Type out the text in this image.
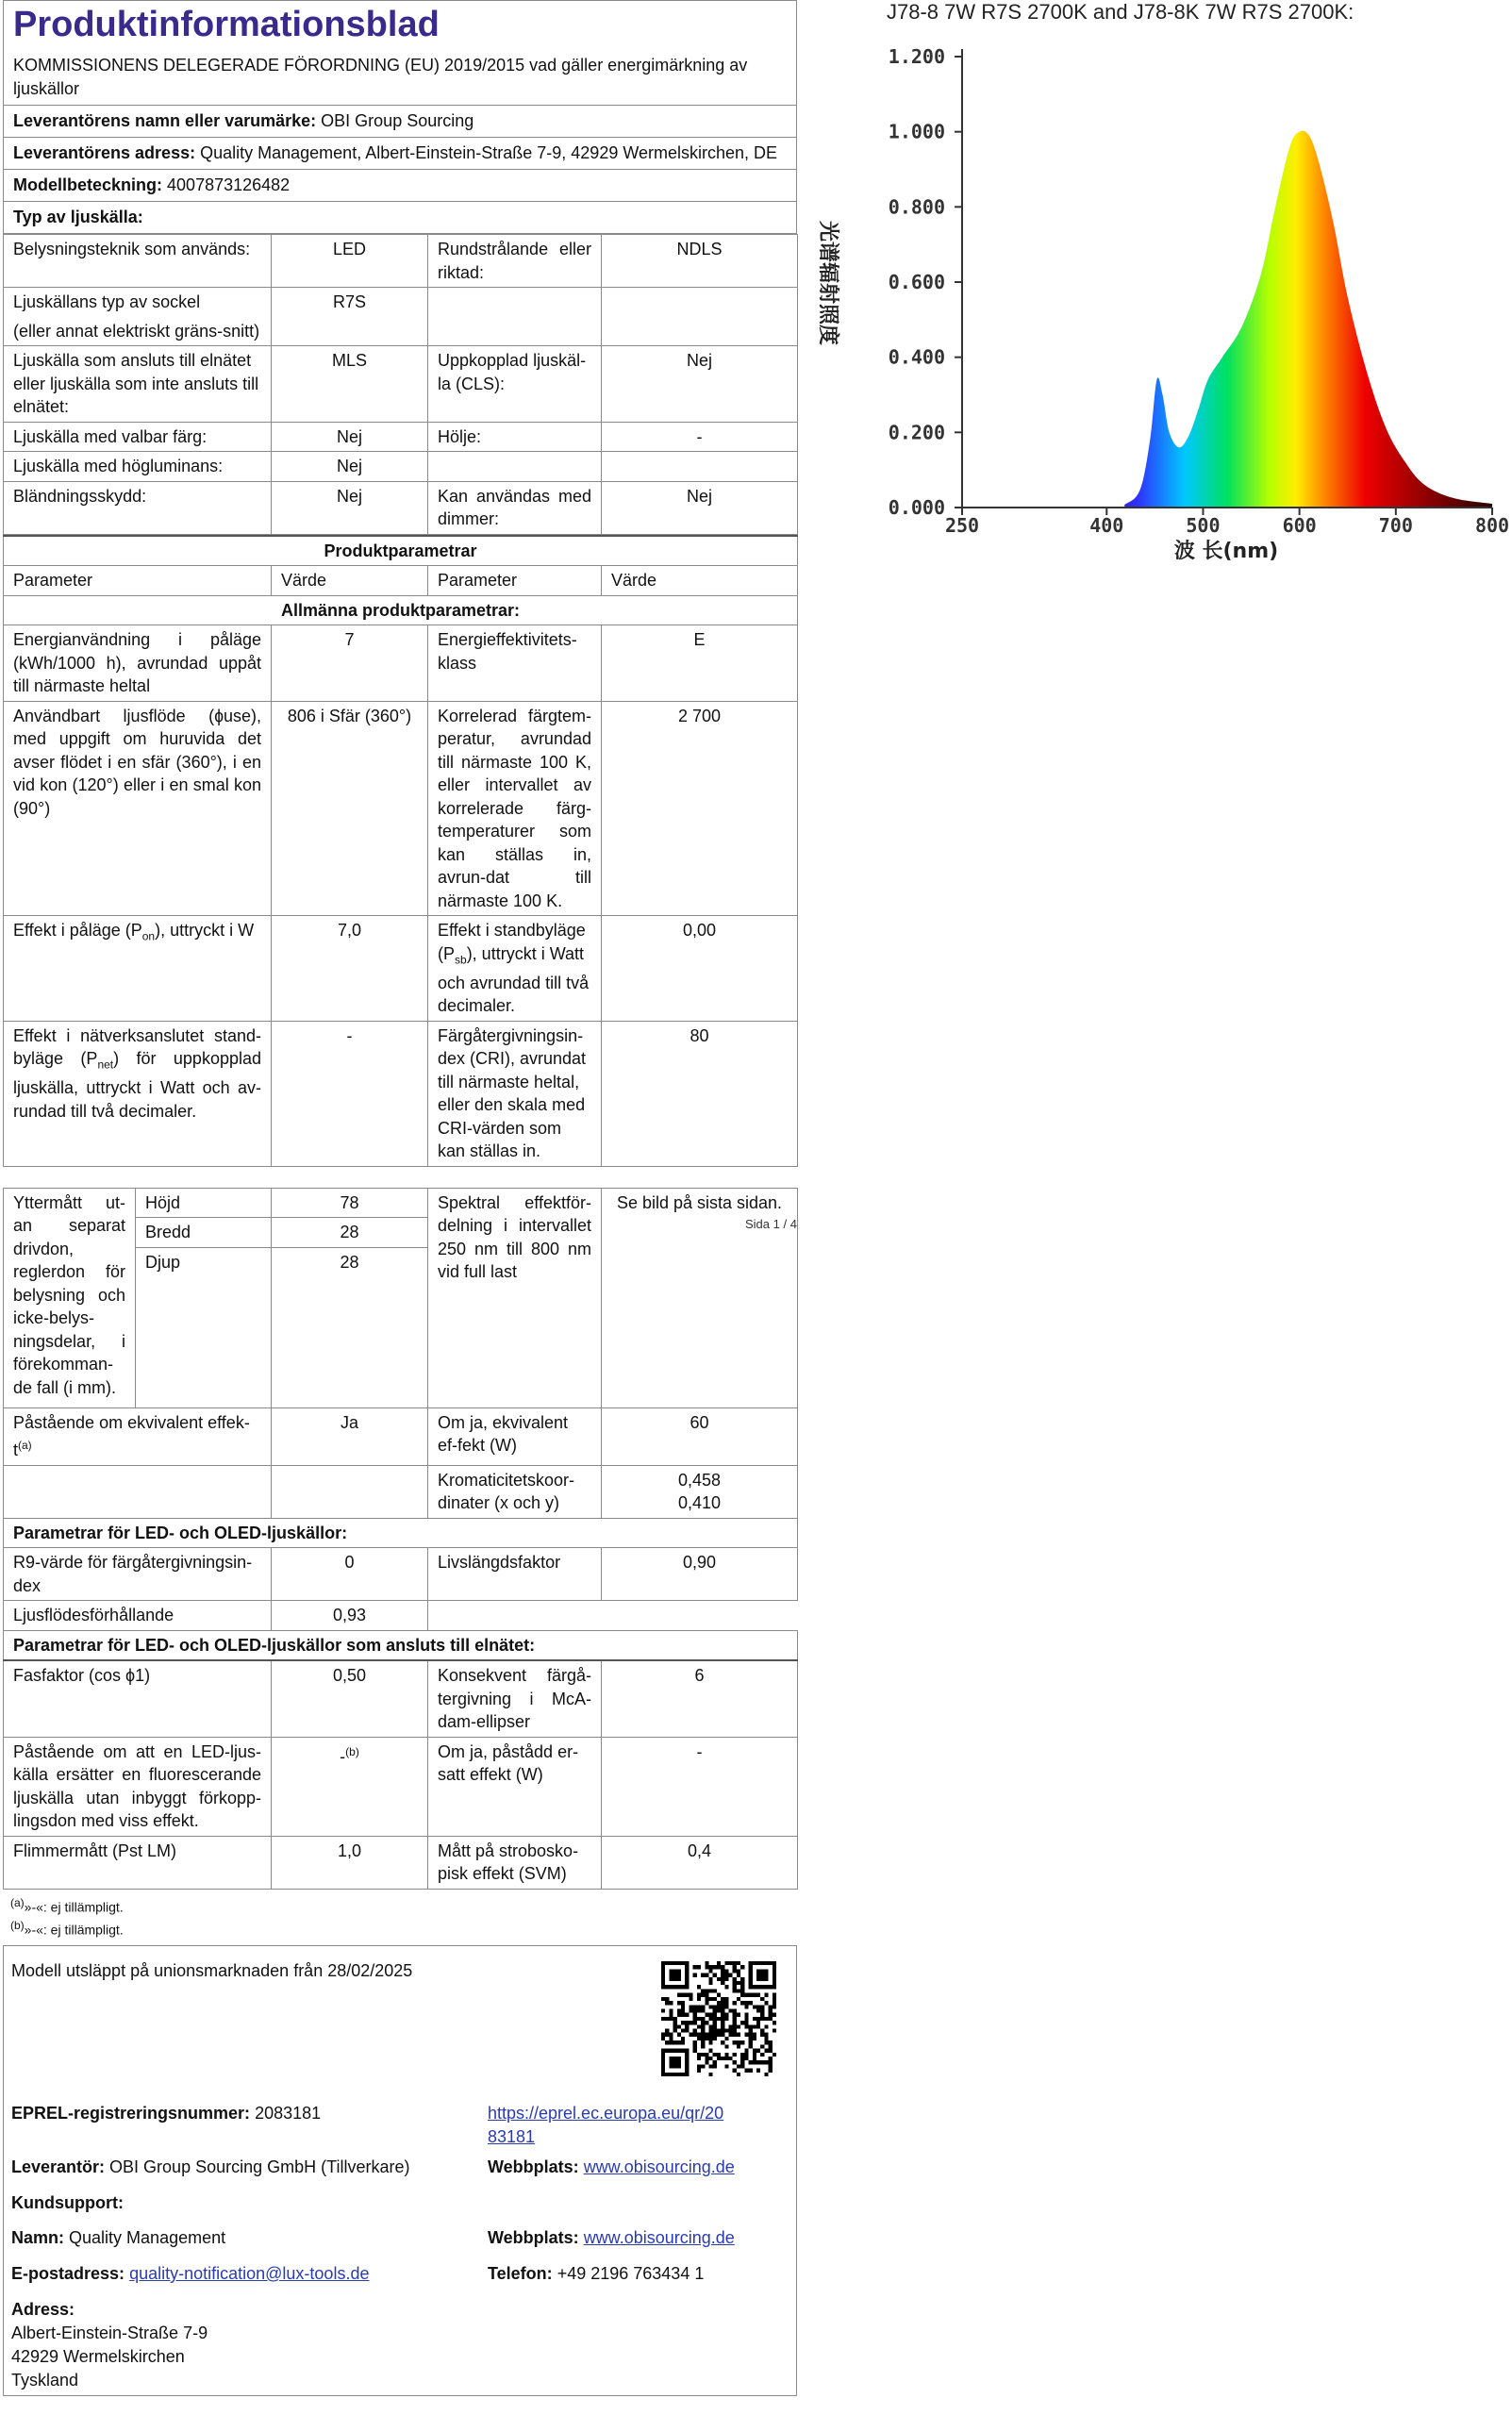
Produktinformationsblad
KOMMISSIONENS DELEGERADE FÖRORDNING (EU) 2019/2015 vad gäller energimärkning av ljuskällor
Leverantörens namn eller varumärke: OBI Group Sourcing
Leverantörens adress: Quality Management, Albert-Einstein-Straße 7-9, 42929 Wermelskirchen, DE
Modellbeteckning: 4007873126482
Typ av ljuskälla:
Belysningsteknik som används:	LED	Rundstrålande eller riktad:	NDLS

Ljuskällans typ av sockel
(eller annat elektriskt gräns-snitt)	R7S		
Ljuskälla som ansluts till elnätet eller ljuskälla som inte ansluts till elnätet:	MLS	Uppkopplad ljuskäl-la (CLS):	Nej
Ljuskälla med valbar färg:	Nej	Hölje:	-
Ljuskälla med högluminans:	Nej		
Bländningsskydd:	Nej	Kan användas med dimmer:	Nej
Produktparametrar			
Parameter	Värde	Parameter	Värde
Allmänna produktparametrar:			
Energianvändning i påläge (kWh/1000 h), avrundad uppåt till närmaste heltal	7	Energieffektivitets-klass	E
Användbart ljusflöde (ɸuse), med uppgift om huruvida det avser flödet i en sfär (360°), i en vid kon (120°) eller i en smal kon (90°)	806 i Sfär (360°)	Korrelerad färgtem-peratur, avrundad till närmaste 100 K, eller intervallet av korrelerade färg-temperaturer som kan ställas in, avrun-dat till närmaste 100 K.	2 700
Effekt i påläge $(P_{on})$, uttryckt i W	7,0	Effekt i standbyläge $(P_{sb})$, uttryckt i Watt och avrundad till två decimaler.	0,00
Effekt i nätverksanslutet stand-byläge $(P_{net})$ för uppkopplad ljuskälla, uttryckt i Watt och av-rundad till två decimaler.	-	Färgåtergivningsin-dex (CRI), avrundat till närmaste heltal, eller den skala med CRI-värden som kan ställas in.	80
Sida 1 / 4
Yttermått ut-an separat drivdon, reglerdon för belysning och icke-belys-ningsdelar, i förekomman-de fall (i mm).	Höjd	78	Spektral effektför-delning i intervallet 250 nm till 800 nm vid full last	Se bild på sista sidan.
	Bredd	28		
	Djup	28		
Påstående om ekvivalent effek-$t^{(a)}$		Ja	Om ja, ekvivalent ef-fekt (W)	60
			Kromaticitetskoor-dinater (x och y)	0,458
0,410

Parametrar för LED- och OLED-ljuskällor:				
R9-värde för färgåtergivningsin-dex		0	Livslängdsfaktor	0,90
Ljusflödesförhållande		0,93		
Parametrar för LED- och OLED-ljuskällor som ansluts till elnätet:				
Fasfaktor (cos ϕ1)		0,50	Konsekvent färgå-tergivning i McA-dam-ellipser	6
Påstående om att en LED-ljus-källa ersätter en fluorescerande ljuskälla utan inbyggt förkopp-lingsdon med viss effekt.		-$^{(b)}$	Om ja, påstådd er-satt effekt (W)	-
Flimmermått (Pst LM)		1,0	Mått på strobosko-pisk effekt (SVM)	0,4
(a)»-«: ej tillämpligt.
(b)»-«: ej tillämpligt.
Modell utsläppt på unionsmarknaden från 28/02/2025
EPREL-registreringsnummer: 2083181	https://eprel.ec.europa.eu/qr/20
83181
Leverantör: OBI Group Sourcing GmbH (Tillverkare)	Webbplats: www.obisourcing.de
Kundsupport:
Namn: Quality Management	Webbplats: www.obisourcing.de
E-postadress: quality-notification@lux-tools.de	Telefon: +49 2196 763434 1
Adress:
Albert-Einstein-Straße 7-9
42929 Wermelskirchen
Tyskland
J78-8 7W R7S 2700K and J78-8K 7W R7S 2700K:
0.000
0.200
0.400
0.600
0.800
1.000
1.200
250	400	500	600	700	800
波 长(nm)
光谱辐射照度
